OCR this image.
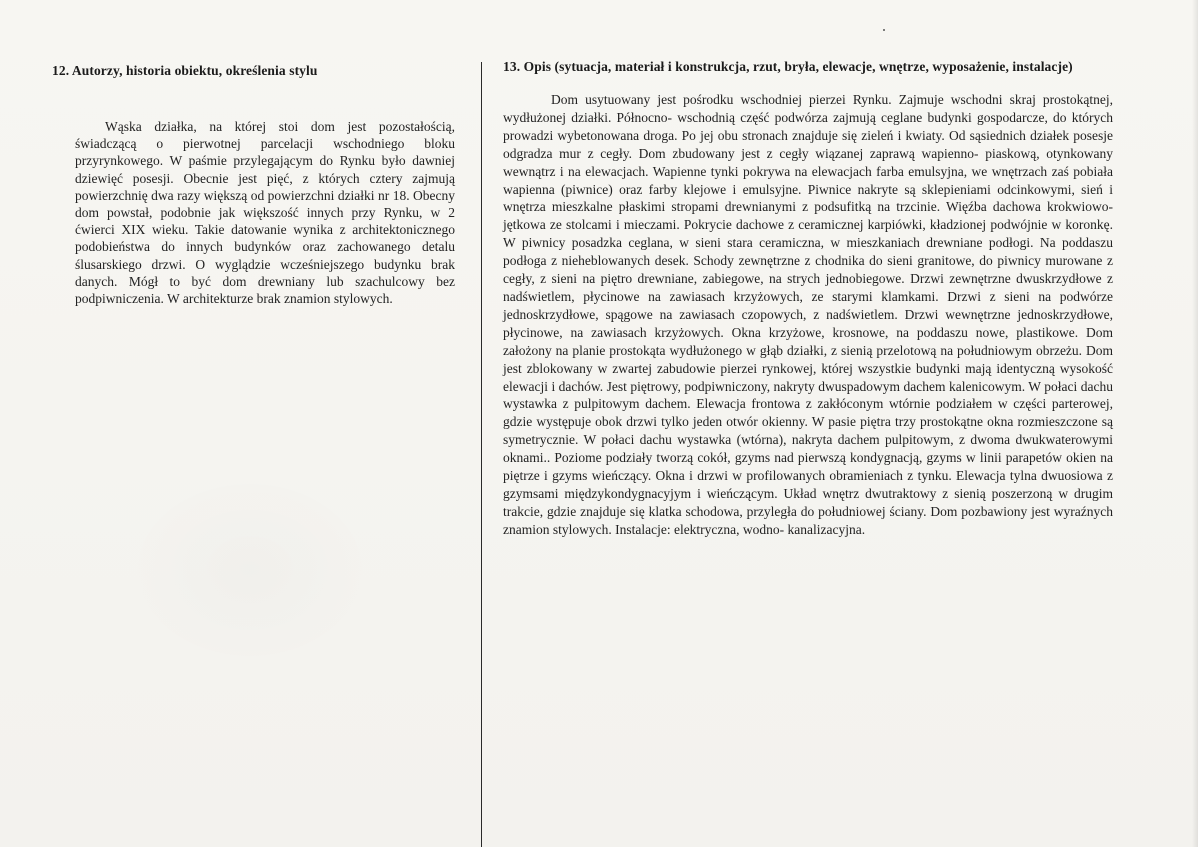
12. Autorzy, historia obiektu, określenia stylu

Wąska działka, na której stoi dom jest pozostałością, świadczącą o pierwotnej parcelacji wschodniego bloku przyrynkowego. W paśmie przylegającym do Rynku było dawniej dziewięć posesji. Obecnie jest pięć, z których cztery zajmują powierzchnię dwa razy większą od powierzchni działki nr 18. Obecny dom powstał, podobnie jak większość innych przy Rynku, w 2 ćwierci XIX wieku. Takie datowanie wynika z architektonicznego podobieństwa do innych budynków oraz zachowanego detalu ślusarskiego drzwi. O wyglądzie wcześniejszego budynku brak danych. Mógł to być dom drewniany lub szachulcowy bez podpiwniczenia. W architekturze brak znamion stylowych.

13. Opis (sytuacja, materiał i konstrukcja, rzut, bryła, elewacje, wnętrze, wyposażenie, instalacje)

Dom usytuowany jest pośrodku wschodniej pierzei Rynku. Zajmuje wschodni skraj prostokątnej, wydłużonej działki. Północno- wschodnią część podwórza zajmują ceglane budynki gospodarcze, do których prowadzi wybetonowana droga. Po jej obu stronach znajduje się zieleń i kwiaty. Od sąsiednich działek posesje odgradza mur z cegły. Dom zbudowany jest z cegły wiązanej zaprawą wapienno- piaskową, otynkowany wewnątrz i na elewacjach. Wapienne tynki pokrywa na elewacjach farba emulsyjna, we wnętrzach zaś pobiała wapienna (piwnice) oraz farby klejowe i emulsyjne. Piwnice nakryte są sklepieniami odcinkowymi, sień i wnętrza mieszkalne płaskimi stropami drewnianymi z podsufitką na trzcinie. Więźba dachowa krokwiowo- jętkowa ze stolcami i mieczami. Pokrycie dachowe z ceramicznej karpiówki, kładzionej podwójnie w koronkę. W piwnicy posadzka ceglana, w sieni stara ceramiczna, w mieszkaniach drewniane podłogi. Na poddaszu podłoga z nieheblowanych desek. Schody zewnętrzne z chodnika do sieni granitowe, do piwnicy murowane z cegły, z sieni na piętro drewniane, zabiegowe, na strych jednobiegowe. Drzwi zewnętrzne dwuskrzydłowe z nadświetlem, płycinowe na zawiasach krzyżowych, ze starymi klamkami. Drzwi z sieni na podwórze jednoskrzydłowe, spągowe na zawiasach czopowych, z nadświetlem. Drzwi wewnętrzne jednoskrzydłowe, płycinowe, na zawiasach krzyżowych. Okna krzyżowe, krosnowe, na poddaszu nowe, plastikowe. Dom założony na planie prostokąta wydłużonego w głąb działki, z sienią przelotową na południowym obrzeżu. Dom jest zblokowany w zwartej zabudowie pierzei rynkowej, której wszystkie budynki mają identyczną wysokość elewacji i dachów. Jest piętrowy, podpiwniczony, nakryty dwuspadowym dachem kalenicowym. W połaci dachu wystawka z pulpitowym dachem. Elewacja frontowa z zakłóconym wtórnie podziałem w części parterowej, gdzie występuje obok drzwi tylko jeden otwór okienny. W pasie piętra trzy prostokątne okna rozmieszczone są symetrycznie. W połaci dachu wystawka (wtórna), nakryta dachem pulpitowym, z dwoma dwukwaterowymi oknami.. Poziome podziały tworzą cokół, gzyms nad pierwszą kondygnacją, gzyms w linii parapetów okien na piętrze i gzyms wieńczący. Okna i drzwi w profilowanych obramieniach z tynku. Elewacja tylna dwuosiowa z gzymsami międzykondygnacyjym i wieńczącym. Układ wnętrz dwutraktowy z sienią poszerzoną w drugim trakcie, gdzie znajduje się klatka schodowa, przyległa do południowej ściany. Dom pozbawiony jest wyraźnych znamion stylowych. Instalacje: elektryczna, wodno- kanalizacyjna.
